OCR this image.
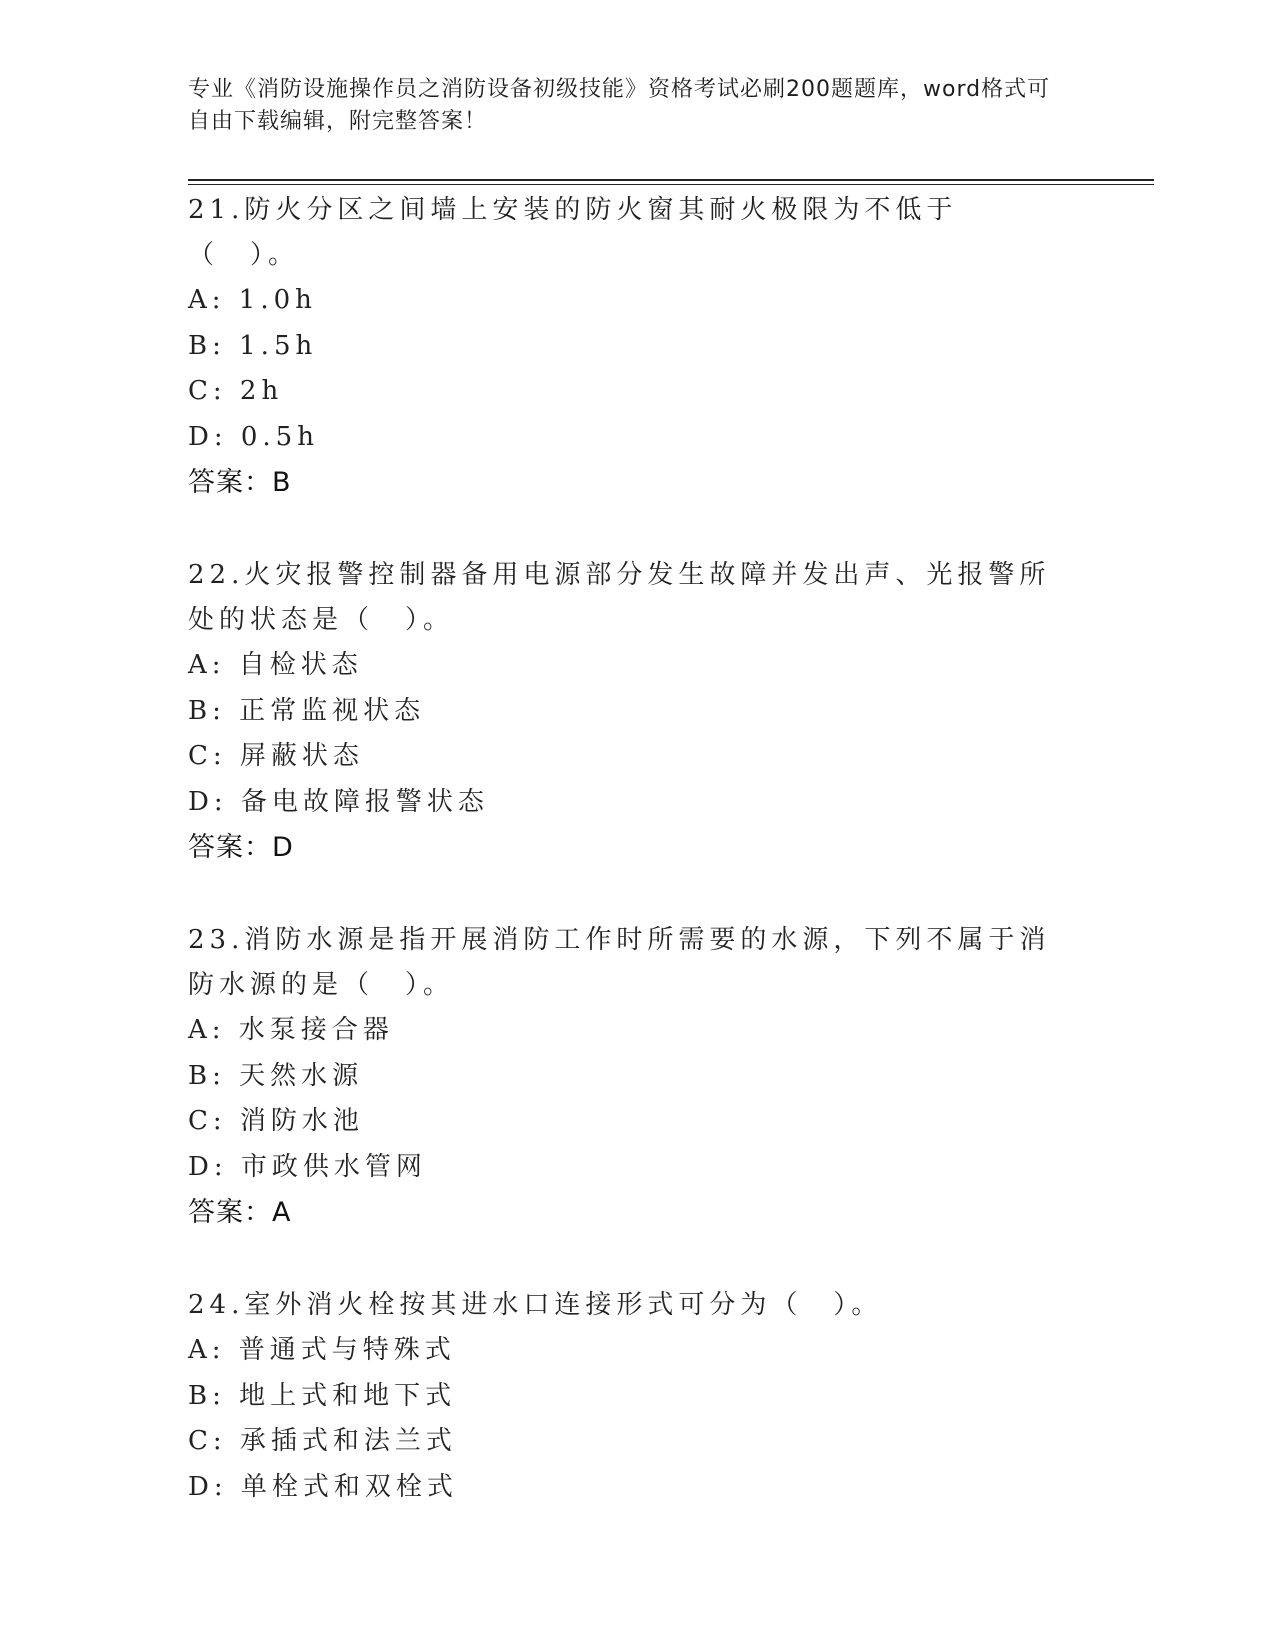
专业《消防设施操作员之消防设备初级技能》资格考试必刷200题题库，word格式可自由下载编辑，附完整答案！
21.防火分区之间墙上安装的防火窗其耐火极限为不低于（　）。
A: 1.0h
B: 1.5h
C: 2h
D: 0.5h
答案：B
22.火灾报警控制器备用电源部分发生故障并发出声、光报警所处的状态是（　）。
A: 自检状态
B: 正常监视状态
C: 屏蔽状态
D: 备电故障报警状态
答案：D
23.消防水源是指开展消防工作时所需要的水源，下列不属于消防水源的是（　）。
A: 水泵接合器
B: 天然水源
C: 消防水池
D: 市政供水管网
答案：A
24.室外消火栓按其进水口连接形式可分为（　）。
A: 普通式与特殊式
B: 地上式和地下式
C: 承插式和法兰式
D: 单栓式和双栓式
